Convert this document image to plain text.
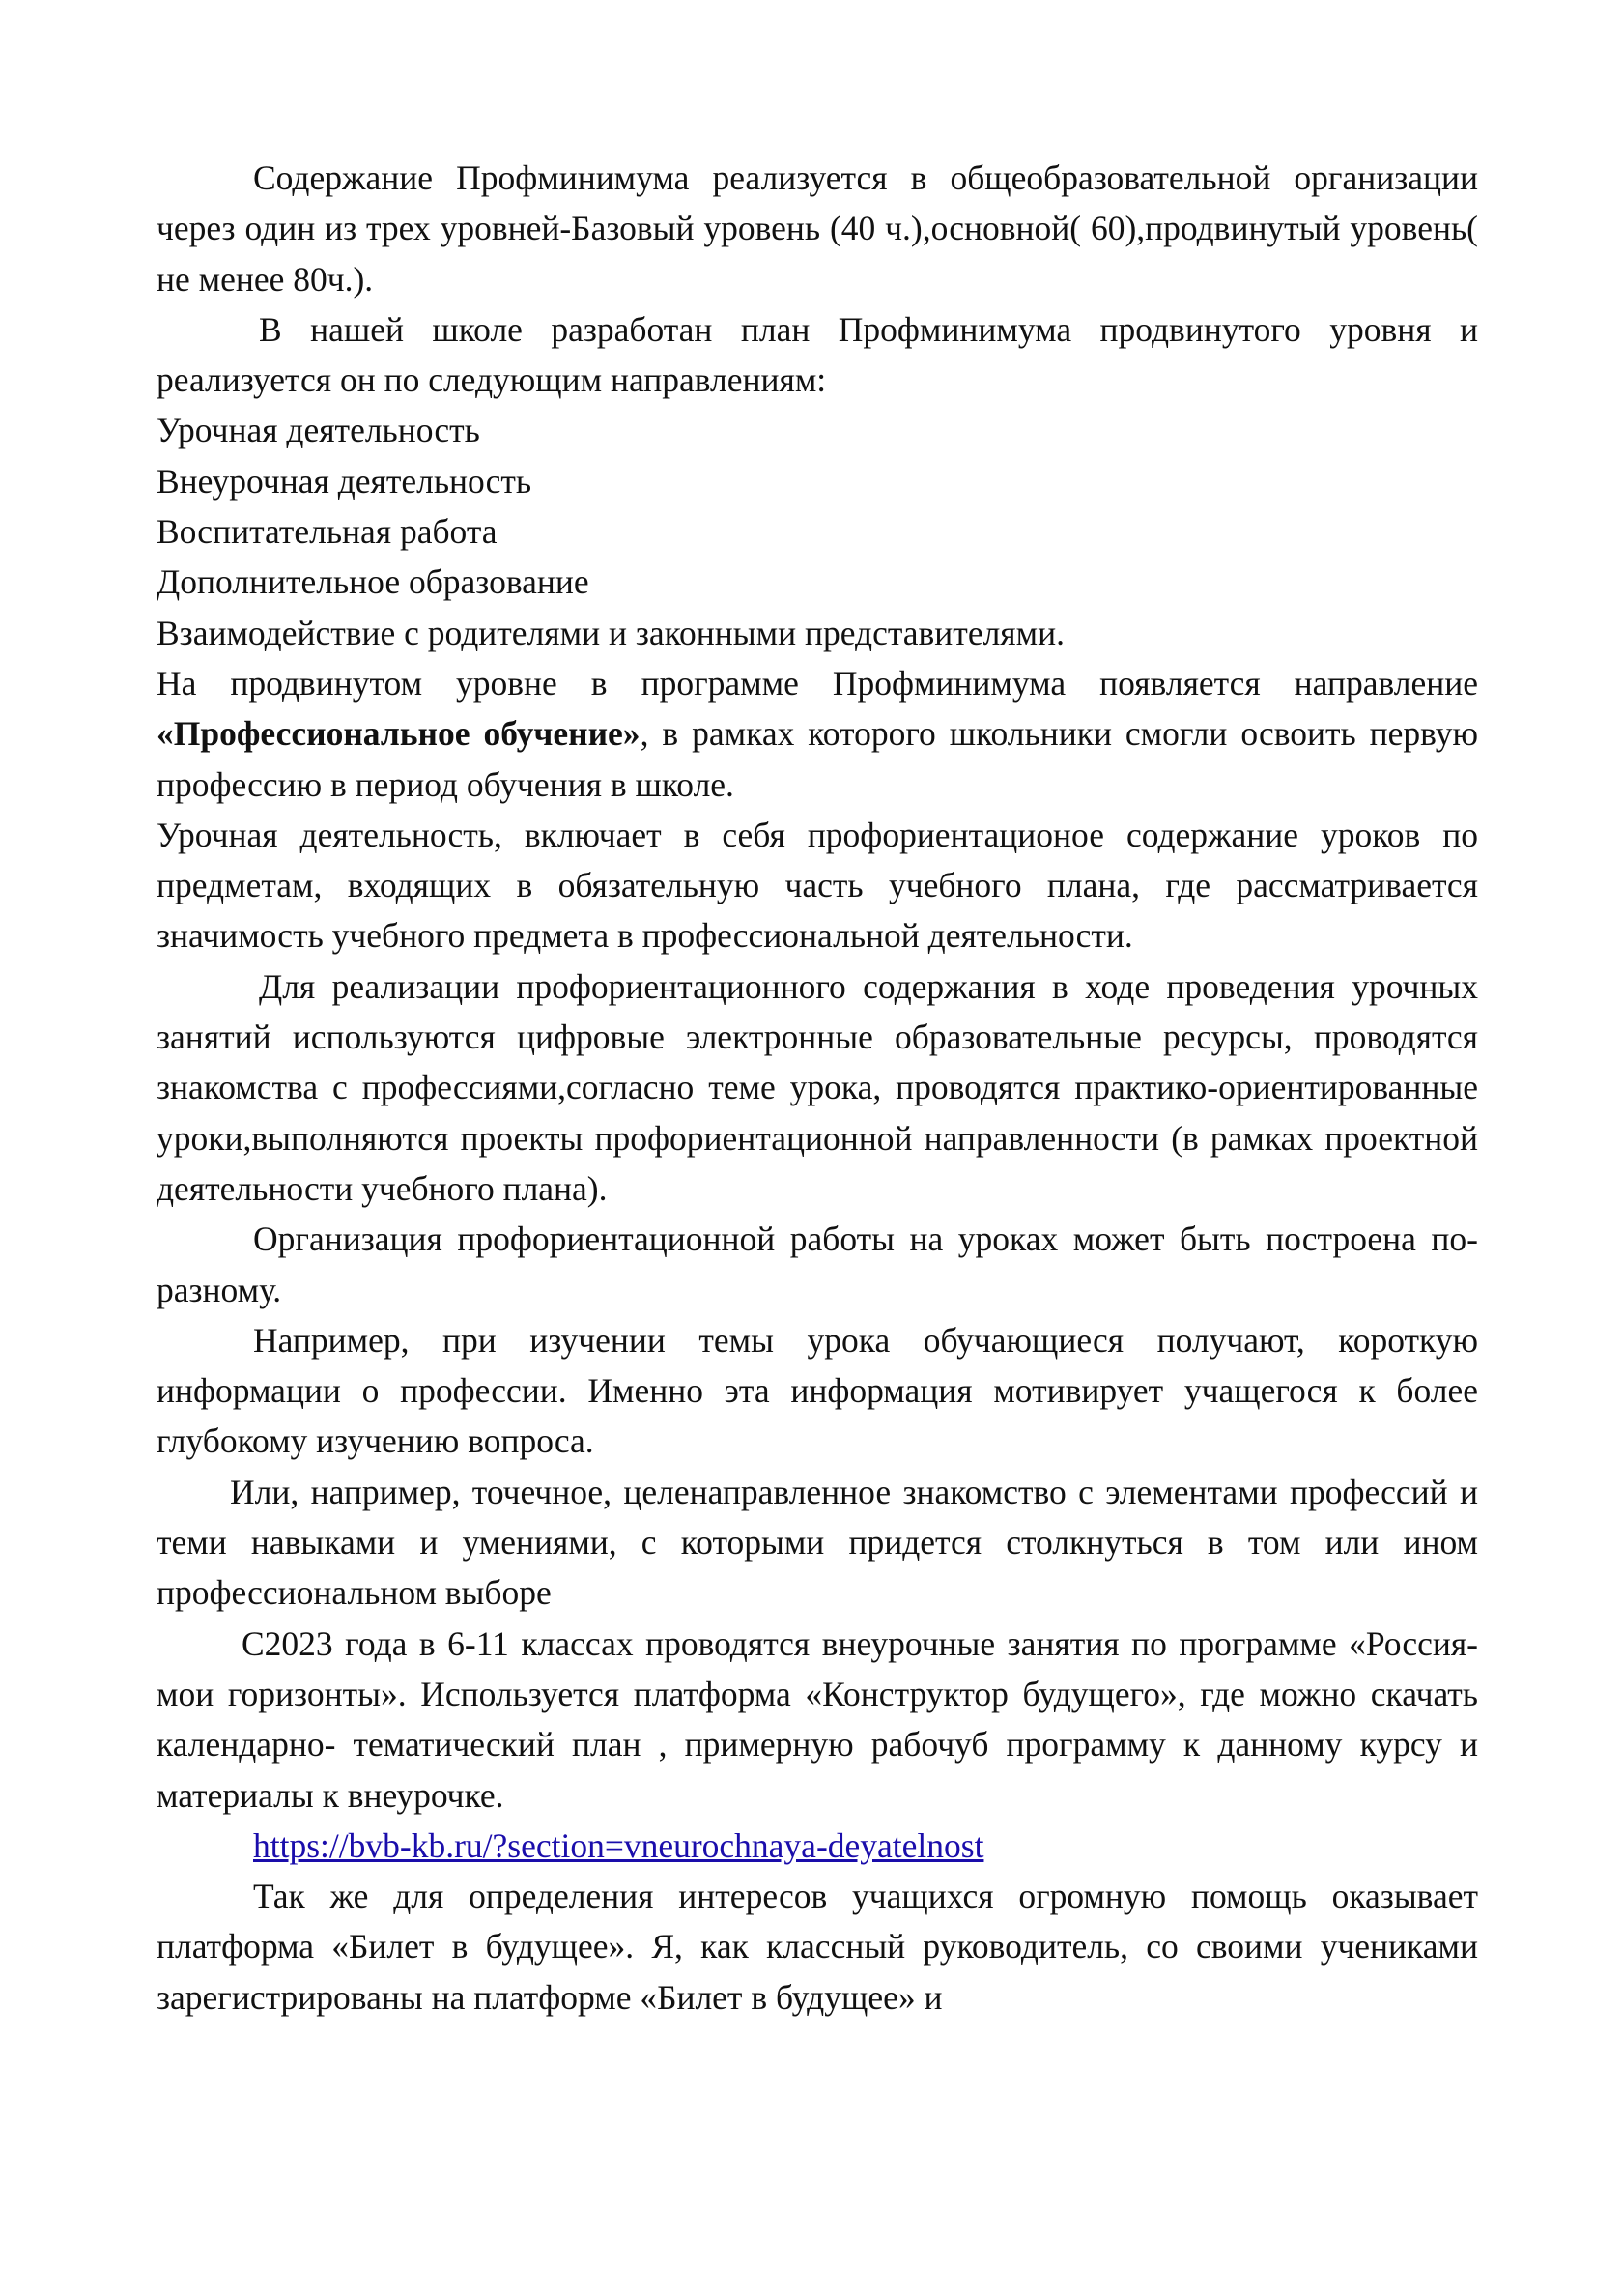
Содержание Профминимума реализуется в общеобразовательной организации через один из трех уровней-Базовый уровень (40 ч.),основной( 60),продвинутый уровень( не менее 80ч.).

В нашей школе разработан план Профминимума продвинутого уровня и реализуется он по следующим направлениям:

Урочная деятельность

Внеурочная деятельность

Воспитательная работа

Дополнительное образование

Взаимодействие с родителями и законными представителями.

На продвинутом уровне в программе Профминимума появляется направление «Профессиональное обучение», в рамках которого школьники смогли освоить первую профессию в период обучения в школе.

Урочная деятельность, включает в себя профориентационое содержание уроков по предметам, входящих в обязательную часть учебного плана, где рассматривается значимость учебного предмета в профессиональной деятельности.

Для реализации профориентационного содержания в ходе проведения урочных занятий используются цифровые электронные образовательные ресурсы, проводятся знакомства с профессиями,согласно теме урока, проводятся практико-ориентированные уроки,выполняются проекты профориентационной направленности (в рамках проектной деятельности учебного плана).

Организация профориентационной работы на уроках может быть построена по-разному.

Например, при изучении темы урока обучающиеся получают, короткую информации о профессии. Именно эта информация мотивирует учащегося к более глубокому изучению вопроса.

Или, например, точечное, целенаправленное знакомство с элементами профессий и теми навыками и умениями, с которыми придется столкнуться в том или ином профессиональном выборе

С2023 года в 6-11 классах проводятся внеурочные занятия по программе «Россия-мои горизонты». Используется платформа «Конструктор будущего», где можно скачать календарно- тематический план , примерную рабочуб программу к данному курсу и материалы к внеурочке.

https://bvb-kb.ru/?section=vneurochnaya-deyatelnost

Так же для определения интересов учащихся огромную помощь оказывает платформа «Билет в будущее». Я, как классный руководитель, со своими учениками зарегистрированы на платформе «Билет в будущее» и
